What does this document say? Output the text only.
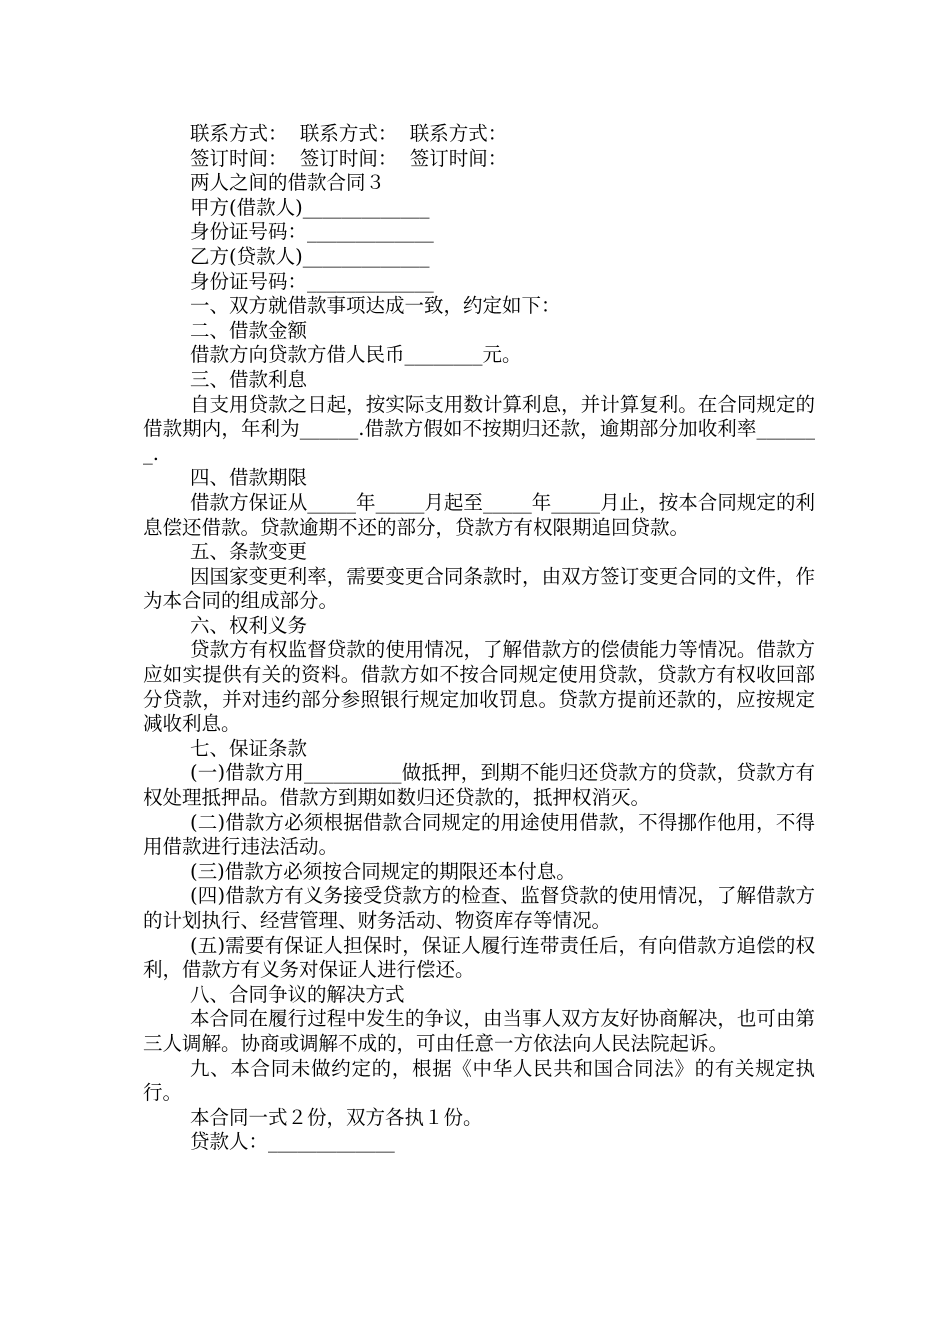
联系方式：  联系方式：  联系方式：
签订时间：  签订时间：  签订时间：
两人之间的借款合同３
甲方(借款人)_____________
身份证号码：_____________
乙方(贷款人)_____________
身份证号码：_____________
一、双方就借款事项达成一致，约定如下：
二、借款金额
借款方向贷款方借人民币________元。
三、借款利息
自支用贷款之日起，按实际支用数计算利息，并计算复利。在合同规定的借款期内，年利为______.借款方假如不按期归还款，逾期部分加收利率_______.
四、借款期限
借款方保证从_____年_____月起至_____年_____月止，按本合同规定的利息偿还借款。贷款逾期不还的部分，贷款方有权限期追回贷款。
五、条款变更
因国家变更利率，需要变更合同条款时，由双方签订变更合同的文件，作为本合同的组成部分。
六、权利义务
贷款方有权监督贷款的使用情况，了解借款方的偿债能力等情况。借款方应如实提供有关的资料。借款方如不按合同规定使用贷款，贷款方有权收回部分贷款，并对违约部分参照银行规定加收罚息。贷款方提前还款的，应按规定减收利息。
七、保证条款
(一)借款方用__________做抵押，到期不能归还贷款方的贷款，贷款方有权处理抵押品。借款方到期如数归还贷款的，抵押权消灭。
(二)借款方必须根据借款合同规定的用途使用借款，不得挪作他用，不得用借款进行违法活动。
(三)借款方必须按合同规定的期限还本付息。
(四)借款方有义务接受贷款方的检查、监督贷款的使用情况，了解借款方的计划执行、经营管理、财务活动、物资库存等情况。
(五)需要有保证人担保时，保证人履行连带责任后，有向借款方追偿的权利，借款方有义务对保证人进行偿还。
八、合同争议的解决方式
本合同在履行过程中发生的争议，由当事人双方友好协商解决，也可由第三人调解。协商或调解不成的，可由任意一方依法向人民法院起诉。
九、本合同未做约定的，根据《中华人民共和国合同法》的有关规定执行。
本合同一式２份，双方各执１份。
贷款人：_____________
